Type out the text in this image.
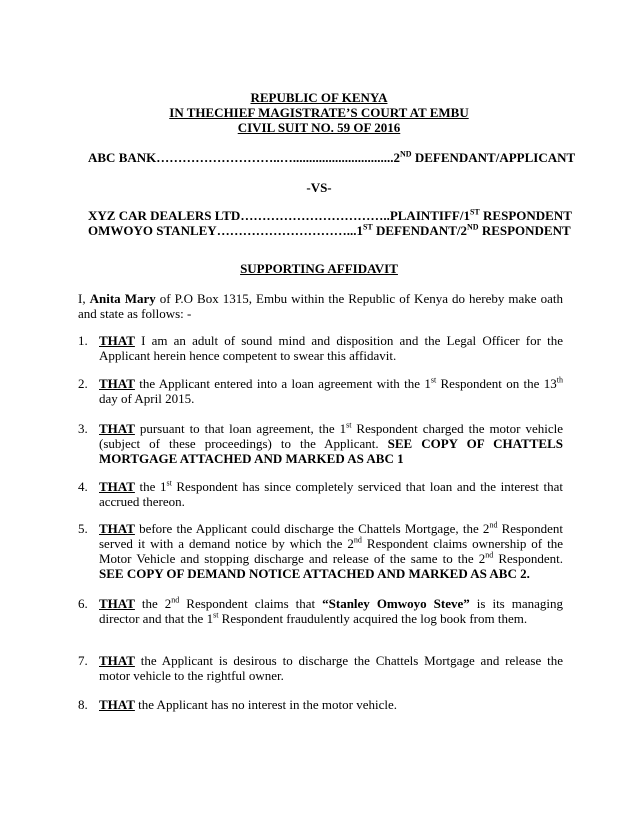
REPUBLIC OF KENYA
IN THECHIEF MAGISTRATE’S COURT AT EMBU
CIVIL SUIT NO. 59 OF 2016
ABC BANK………………………..…...............................2ND DEFENDANT/APPLICANT
-VS-
XYZ CAR DEALERS LTD……………………………..PLAINTIFF/1ST RESPONDENT
OMWOYO STANLEY…………………………...1ST DEFENDANT/2ND RESPONDENT
SUPPORTING AFFIDAVIT
I, Anita Mary of P.O Box 1315, Embu within the Republic of Kenya do hereby make oath and state as follows: -
1. THAT I am an adult of sound mind and disposition and the Legal Officer for the Applicant herein hence competent to swear this affidavit.
2. THAT the Applicant entered into a loan agreement with the 1st Respondent on the 13th day of April 2015.
3. THAT pursuant to that loan agreement, the 1st Respondent charged the motor vehicle (subject of these proceedings) to the Applicant. SEE COPY OF CHATTELS MORTGAGE ATTACHED AND MARKED AS ABC 1
4. THAT the 1st Respondent has since completely serviced that loan and the interest that accrued thereon.
5. THAT before the Applicant could discharge the Chattels Mortgage, the 2nd Respondent served it with a demand notice by which the 2nd Respondent claims ownership of the Motor Vehicle and stopping discharge and release of the same to the 2nd Respondent. SEE COPY OF DEMAND NOTICE ATTACHED AND MARKED AS ABC 2.
6. THAT the 2nd Respondent claims that “Stanley Omwoyo Steve” is its managing director and that the 1st Respondent fraudulently acquired the log book from them.
7. THAT the Applicant is desirous to discharge the Chattels Mortgage and release the motor vehicle to the rightful owner.
8. THAT the Applicant has no interest in the motor vehicle.
